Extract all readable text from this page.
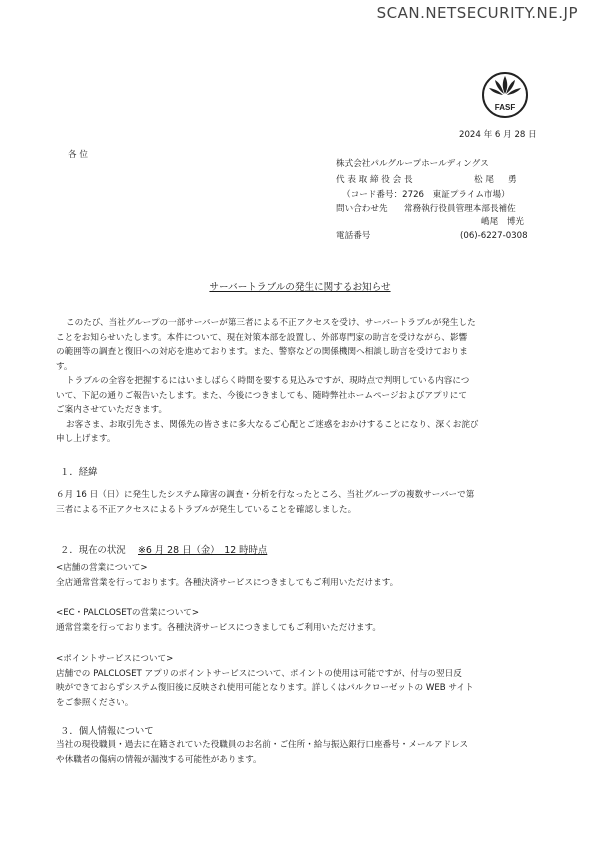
SCAN.NETSECURITY.NE.JP
FASF
2024 年 6 月 28 日
各 位
株式会社パルグループホールディングス
代 表 取 締 役 会 長	松 尾 　 勇
（コード番号：2726　東証プライム市場）
問い合わせ先 常務執行役員管理本部長補佐
嶋尾　博光
電話番号	(06)-6227-0308
サーバートラブルの発生に関するお知らせ

このたび、当社グループの一部サーバーが第三者による不正アクセスを受け、サーバートラブルが発生した

ことをお知らせいたします。本件について、現在対策本部を設置し、外部専門家の助言を受けながら、影響

の範囲等の調査と復旧への対応を進めております。また、警察などの関係機関へ相談し助言を受けておりま

す。

トラブルの全容を把握するにはいましばらく時間を要する見込みですが、現時点で判明している内容につ

いて、下記の通りご報告いたします。また、今後につきましても、随時弊社ホームページおよびアプリにて

ご案内させていただきます。

お客さま、お取引先さま、関係先の皆さまに多大なるご心配とご迷惑をおかけすることになり、深くお詫び

申し上げます。

１．経緯

６月 16 日（日）に発生したシステム障害の調査・分析を行なったところ、当社グループの複数サーバーで第

三者による不正アクセスによるトラブルが発生していることを確認しました。

２．現在の状況 ※6 月 28 日（金）　12 時時点

<店舗の営業について>

全店通常営業を行っております。各種決済サービスにつきましてもご利用いただけます。

<EC・PALCLOSETの営業について>

通常営業を行っております。各種決済サービスにつきましてもご利用いただけます。

<ポイントサービスについて>

店舗での PALCLOSET アプリのポイントサービスについて、ポイントの使用は可能ですが、付与の翌日反

映ができておらずシステム復旧後に反映され使用可能となります。詳しくはパルクローゼットの WEB サイト

をご参照ください。

３．個人情報について

当社の現役職員・過去に在籍されていた役職員のお名前・ご住所・給与振込銀行口座番号・メールアドレス

や休職者の傷病の情報が漏洩する可能性があります。
